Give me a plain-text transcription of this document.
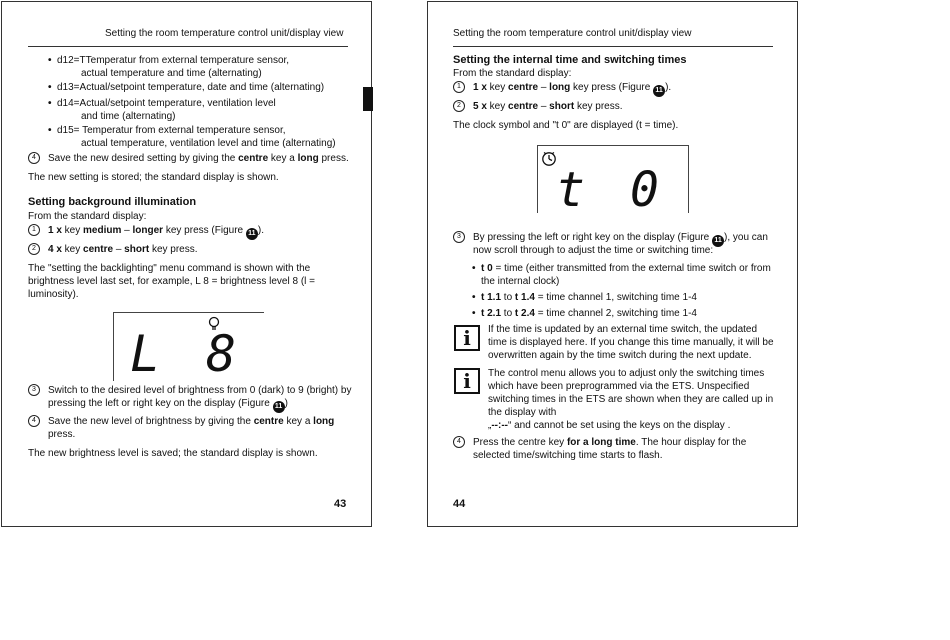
Setting the room temperature control unit/display view
• d12=TTemperatur from external temperature sensor,
actual temperature and time (alternating)
• d13=Actual/setpoint temperature, date and time (alternating)
• d14=Actual/setpoint temperature, ventilation level
and time (alternating)
• d15= Temperatur from external temperature sensor,
actual temperature, ventilation level and time (alternating)
4	Save the new desired setting by giving the centre key a long press.
The new setting is stored; the standard display is shown.
Setting background illumination
From the standard display:
1	1 x key medium – longer key press (Figure 11 ).
2	4 x key centre – short key press.
The "setting the backlighting" menu command is shown with the
brightness level last set, for example, L 8 = brightness level 8 (l =
luminosity).
L 8
3	Switch to the desired level of brightness from 0 (dark) to 9 (bright) by
pressing the left or right key on the display (Figure 11 )
4	Save the new level of brightness by giving the centre key a long
press.
The new brightness level is saved; the standard display is shown.
43
Setting the room temperature control unit/display view
Setting the internal time and switching times
From the standard display:
1	1 x key centre – long key press (Figure 11 ).
2	5 x key centre – short key press.
The clock symbol and "t 0" are displayed (t = time).
t 0
3	By pressing the left or right key on the display (Figure 11 ), you can
now scroll through to adjust the time or switching time:
• t 0 = time (either transmitted from the external time switch or from
the internal clock)
• t 1.1 to t 1.4 = time channel 1, switching time 1-4
• t 2.1 to t 2.4 = time channel 2, switching time 1-4
i	If the time is updated by an external time switch, the updated
time is displayed here. If you change this time manually, it will be
overwritten again by the time switch during the next update.
i	The control menu allows you to adjust only the switching times
which have been preprogrammed via the ETS. Unspecified
switching times in the ETS are shown when they are called up in
the display with
„--:--“ and cannot be set using the keys on the display .
4	Press the centre key for a long time. The hour display for the
selected time/switching time starts to flash.
44
